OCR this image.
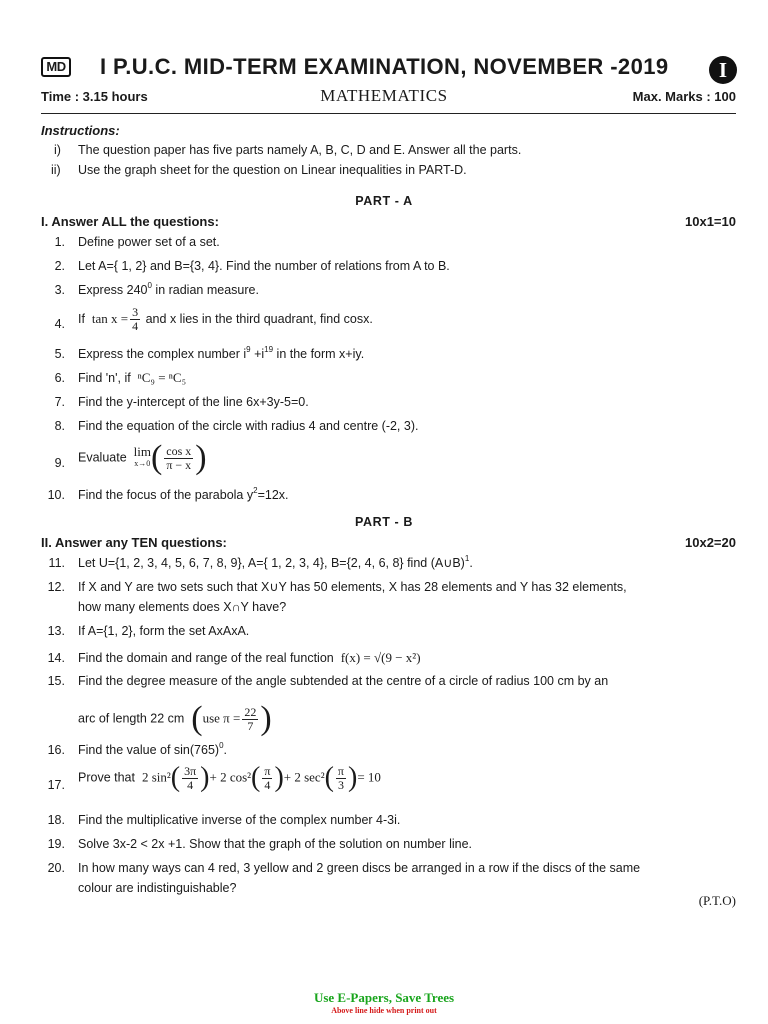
MD I P.U.C. MID-TERM EXAMINATION, NOVEMBER -2019	I
Time : 3.15 hours	MATHEMATICS	Max. Marks : 100
Instructions:
i) The question paper has five parts namely A, B, C, D and E. Answer all the parts.
ii) Use the graph sheet for the question on Linear inequalities in PART-D.
PART - A
I. Answer ALL the questions:	10x1=10
1. Define power set of a set.
2. Let A={ 1, 2} and B={3, 4}. Find the number of relations from A to B.
3. Express $240^0$ in radian measure.
4. If $\tan x = \frac{3}{4}$ and x lies in the third quadrant, find cosx.
5. Express the complex number $i^9 +i^{19}$ in the form x+iy.
6. Find 'n', if ⁿC₉ = ⁿC₅
7. Find the y-intercept of the line 6x+3y-5=0.
8. Find the equation of the circle with radius 4 and centre (-2, 3).
9. Evaluate lim
x→0 ( $\frac{\text{cos x}}{\pi - x}$ )
10. Find the focus of the parabola $y^2=12x$.
PART - B
II. Answer any TEN questions:	10x2=20
11. Let U={1, 2, 3, 4, 5, 6, 7, 8, 9}, A={ 1, 2, 3, 4}, B={2, 4, 6, 8} find (A∪B)$^1$.
12. If X and Y are two sets such that X∪Y has 50 elements, X has 28 elements and Y has 32 elements,
how many elements does X∩Y have?
13. If A={1, 2}, form the set AxAxA.
14. Find the domain and range of the real function f(x) = √(9 − x²)
15. Find the degree measure of the angle subtended at the centre of a circle of radius 100 cm by an
arc of length 22 cm (use $\pi = \frac{22}{7}$ )
16. Find the value of $\sin(765)^0$.
17.
Prove that 2 $\sin^2( \frac{3\pi}{4}$ )+ 2 $\cos^2( \frac{\pi}{4}$ )+ 2 $\sec^2( \frac{\pi}{3}$ )= 10
18. Find the multiplicative inverse of the complex number 4-3i.
19. Solve 3x-2 < 2x +1. Show that the graph of the solution on number line.
20. In how many ways can 4 red, 3 yellow and 2 green discs be arranged in a row if the discs of the same
colour are indistinguishable?
(P.T.O)
Use E-Papers, Save Trees
Above line hide when print out
